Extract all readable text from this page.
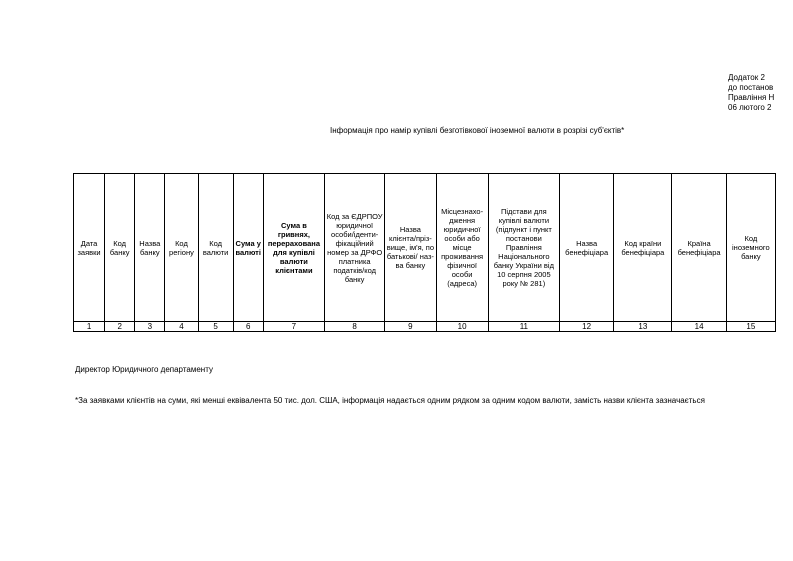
Додаток 2
до постанов
Правління Н
06 лютого 2
Інформація про намір купівлі безготівкової іноземної валюти в розрізі суб'єктів*
Дата заявки	Код банку	Назва банку	Код регіону	Код валюти	Сума у валюті	Сума в гривнях, перерахована для купівлі валюти клієнтами	Код за ЄДРПОУ юридичної особи/іденти-фікаційний номер за ДРФО платника податків/код банку	Назва клієнта/пріз-вище, ім'я, по батькові/ наз-ва банку	Місцезнахо-дження юридичної особи або місце проживання фізичної особи (адреса)	Підстави для купівлі валюти (підпункт і пункт постанови Правління Національного банку України від 10 серпня 2005 року № 281)	Назва бенефіціара	Код країни бенефіціара	Країна бенефіціара	Код іноземного банку
1	2	3	4	5	6	7	8	9	10	11	12	13	14	15
Директор Юридичного департаменту
*За заявками клієнтів на суми, які менші еквівалента 50 тис. дол. США, інформація надається одним рядком за одним кодом валюти, замість назви клієнта зазначається
